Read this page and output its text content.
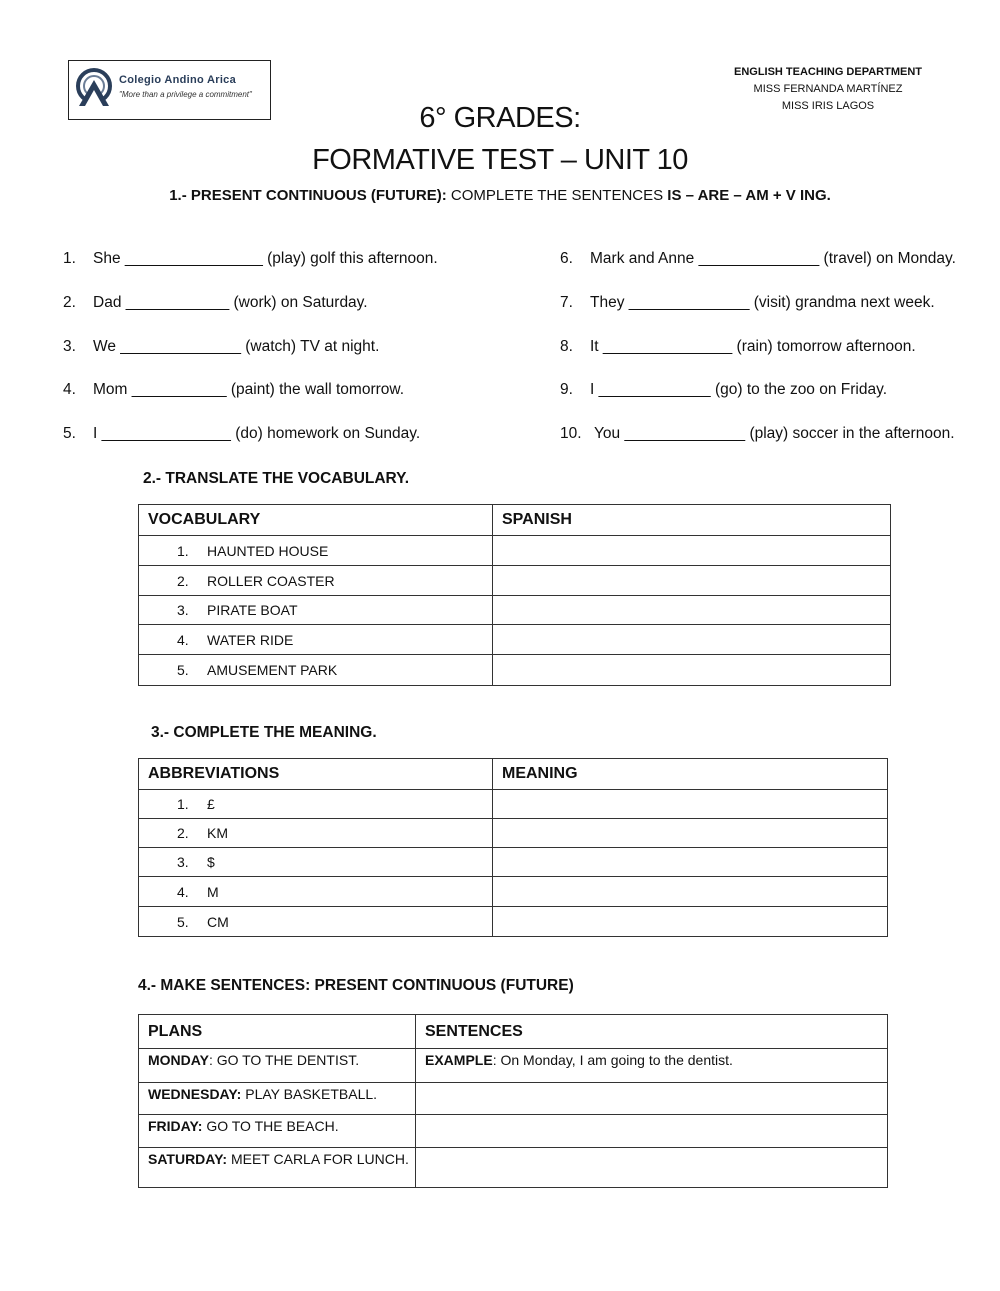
Colegio Andino Arica
"More than a privilege a commitment"
ENGLISH TEACHING DEPARTMENT
MISS FERNANDA MARTÍNEZ
MISS IRIS LAGOS
6° GRADES:
FORMATIVE TEST – UNIT 10
1.- PRESENT CONTINUOUS (FUTURE): COMPLETE THE SENTENCES IS – ARE – AM + V ING.
1. She ________________ (play) golf this afternoon.
2. Dad ____________ (work) on Saturday.
3. We ______________ (watch) TV at night.
4. Mom ___________ (paint) the wall tomorrow.
5. I _______________ (do) homework on Sunday.
6. Mark and Anne ______________ (travel) on Monday.
7. They ______________ (visit) grandma next week.
8. It _______________ (rain) tomorrow afternoon.
9. I _____________ (go) to the zoo on Friday.
10. You ______________ (play) soccer in the afternoon.
2.- TRANSLATE THE VOCABULARY.
VOCABULARY	SPANISH
1. HAUNTED HOUSE	
2. ROLLER COASTER	
3. PIRATE BOAT	
4. WATER RIDE	
5. AMUSEMENT PARK	
3.- COMPLETE THE MEANING.
ABBREVIATIONS	MEANING
1. £	
2. KM	
3. $	
4. M	
5. CM	
4.- MAKE SENTENCES: PRESENT CONTINUOUS (FUTURE)
PLANS	SENTENCES
MONDAY: GO TO THE DENTIST.	EXAMPLE: On Monday, I am going to the dentist.
WEDNESDAY: PLAY BASKETBALL.	
FRIDAY: GO TO THE BEACH.	
SATURDAY: MEET CARLA FOR LUNCH.	
